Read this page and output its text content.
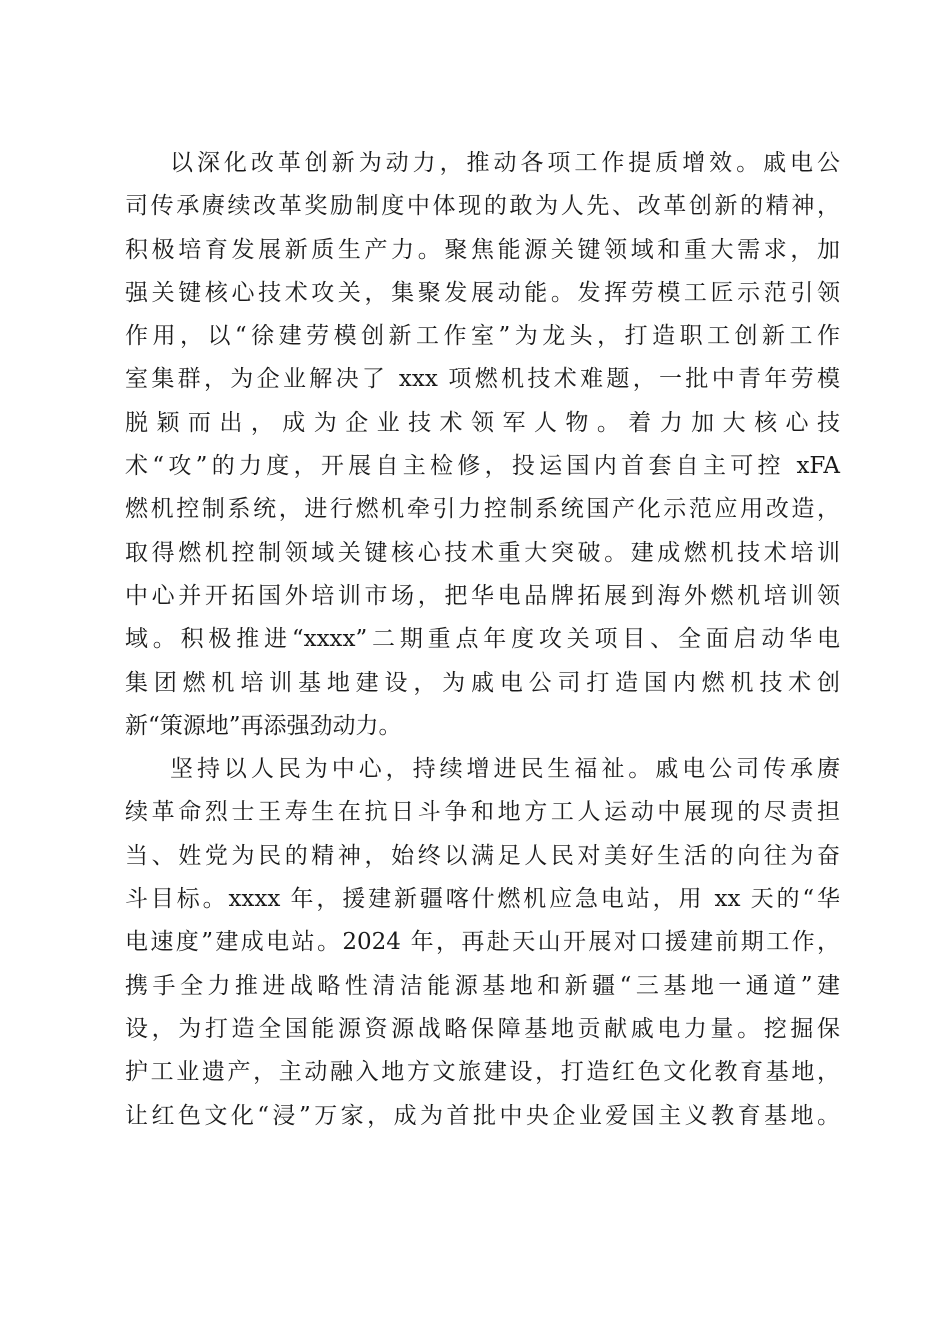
以深化改革创新为动力，推动各项工作提质增效。戚电公
司传承赓续改革奖励制度中体现的敢为人先、改革创新的精神，
积极培育发展新质生产力。聚焦能源关键领域和重大需求，加
强关键核心技术攻关，集聚发展动能。发挥劳模工匠示范引领
作用，以“徐建劳模创新工作室”为龙头，打造职工创新工作
室集群，为企业解决了 xxx 项燃机技术难题，一批中青年劳模
脱颖而出，成为企业技术领军人物。着力加大核心技
术“攻”的力度，开展自主检修，投运国内首套自主可控 xFA
燃机控制系统，进行燃机牵引力控制系统国产化示范应用改造，
取得燃机控制领域关键核心技术重大突破。建成燃机技术培训
中心并开拓国外培训市场，把华电品牌拓展到海外燃机培训领
域。积极推进“xxxx”二期重点年度攻关项目、全面启动华电
集团燃机培训基地建设，为戚电公司打造国内燃机技术创
新“策源地”再添强劲动力。
坚持以人民为中心，持续增进民生福祉。戚电公司传承赓
续革命烈士王寿生在抗日斗争和地方工人运动中展现的尽责担
当、姓党为民的精神，始终以满足人民对美好生活的向往为奋
斗目标。xxxx 年，援建新疆喀什燃机应急电站，用 xx 天的“华
电速度”建成电站。2024 年，再赴天山开展对口援建前期工作，
携手全力推进战略性清洁能源基地和新疆“三基地一通道”建
设，为打造全国能源资源战略保障基地贡献戚电力量。挖掘保
护工业遗产，主动融入地方文旅建设，打造红色文化教育基地，
让红色文化“浸”万家，成为首批中央企业爱国主义教育基地。
